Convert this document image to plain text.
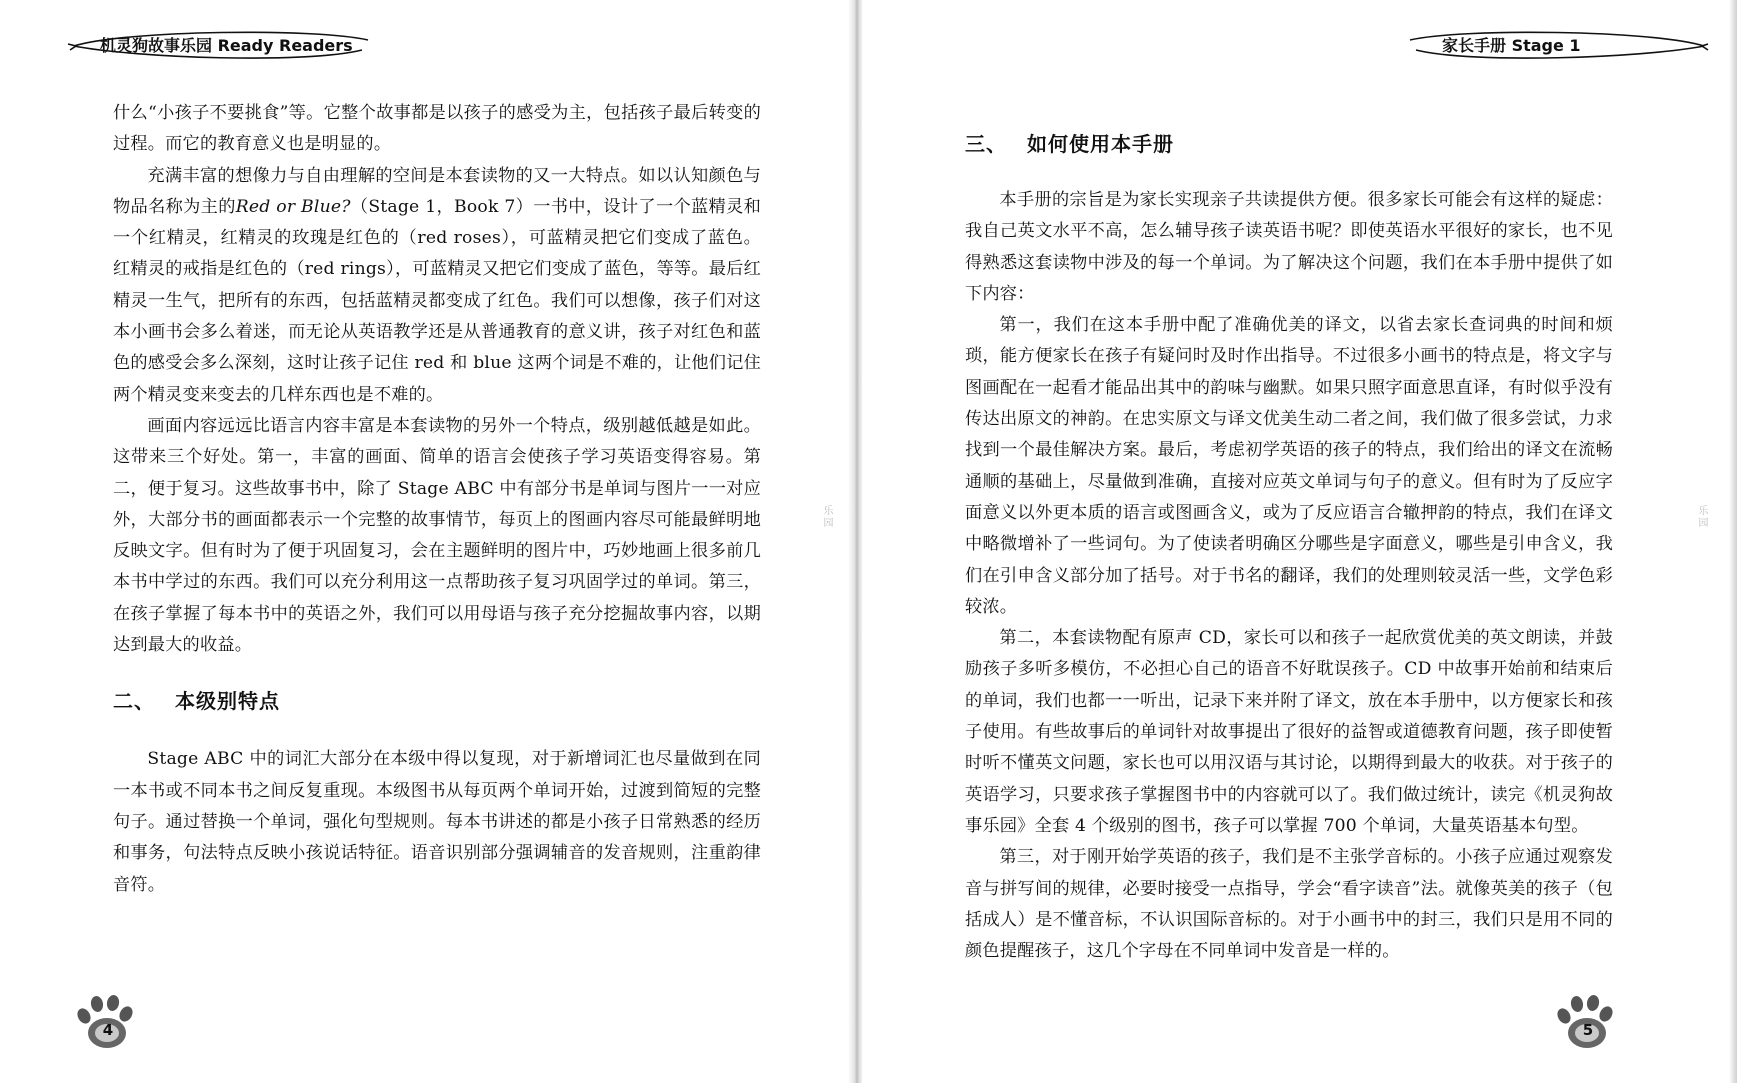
机灵狗故事乐园 Ready Readers

什么“小孩子不要挑食”等。它整个故事都是以孩子的感受为主，包括孩子最后转变的过程。而它的教育意义也是明显的。

充满丰富的想像力与自由理解的空间是本套读物的又一大特点。如以认知颜色与物品名称为主的Red or Blue?（Stage 1，Book 7）一书中，设计了一个蓝精灵和一个红精灵，红精灵的玫瑰是红色的（red roses），可蓝精灵把它们变成了蓝色。红精灵的戒指是红色的（red rings），可蓝精灵又把它们变成了蓝色，等等。最后红精灵一生气，把所有的东西，包括蓝精灵都变成了红色。我们可以想像，孩子们对这本小画书会多么着迷，而无论从英语教学还是从普通教育的意义讲，孩子对红色和蓝色的感受会多么深刻，这时让孩子记住 red 和 blue 这两个词是不难的，让他们记住两个精灵变来变去的几样东西也是不难的。

画面内容远远比语言内容丰富是本套读物的另外一个特点，级别越低越是如此。这带来三个好处。第一，丰富的画面、简单的语言会使孩子学习英语变得容易。第二，便于复习。这些故事书中，除了 Stage ABC 中有部分书是单词与图片一一对应外，大部分书的画面都表示一个完整的故事情节，每页上的图画内容尽可能最鲜明地反映文字。但有时为了便于巩固复习，会在主题鲜明的图片中，巧妙地画上很多前几本书中学过的东西。我们可以充分利用这一点帮助孩子复习巩固学过的单词。第三，在孩子掌握了每本书中的英语之外，我们可以用母语与孩子充分挖掘故事内容，以期达到最大的收益。

二、 本级别特点

Stage ABC 中的词汇大部分在本级中得以复现，对于新增词汇也尽量做到在同一本书或不同本书之间反复重现。本级图书从每页两个单词开始，过渡到简短的完整句子。通过替换一个单词，强化句型规则。每本书讲述的都是小孩子日常熟悉的经历和事务，句法特点反映小孩说话特征。语音识别部分强调辅音的发音规则，注重韵律音符。

乐园
4
家长手册 Stage 1
三、 如何使用本手册

本手册的宗旨是为家长实现亲子共读提供方便。很多家长可能会有这样的疑虑：我自己英文水平不高，怎么辅导孩子读英语书呢？即使英语水平很好的家长，也不见得熟悉这套读物中涉及的每一个单词。为了解决这个问题，我们在本手册中提供了如下内容：

第一，我们在这本手册中配了准确优美的译文，以省去家长查词典的时间和烦琐，能方便家长在孩子有疑问时及时作出指导。不过很多小画书的特点是，将文字与图画配在一起看才能品出其中的韵味与幽默。如果只照字面意思直译，有时似乎没有传达出原文的神韵。在忠实原文与译文优美生动二者之间，我们做了很多尝试，力求找到一个最佳解决方案。最后，考虑初学英语的孩子的特点，我们给出的译文在流畅通顺的基础上，尽量做到准确，直接对应英文单词与句子的意义。但有时为了反应字面意义以外更本质的语言或图画含义，或为了反应语言合辙押韵的特点，我们在译文中略微增补了一些词句。为了使读者明确区分哪些是字面意义，哪些是引申含义，我们在引申含义部分加了括号。对于书名的翻译，我们的处理则较灵活一些，文学色彩较浓。

第二，本套读物配有原声 CD，家长可以和孩子一起欣赏优美的英文朗读，并鼓励孩子多听多模仿，不必担心自己的语音不好耽误孩子。CD 中故事开始前和结束后的单词，我们也都一一听出，记录下来并附了译文，放在本手册中，以方便家长和孩子使用。有些故事后的单词针对故事提出了很好的益智或道德教育问题，孩子即使暂时听不懂英文问题，家长也可以用汉语与其讨论，以期得到最大的收获。对于孩子的英语学习，只要求孩子掌握图书中的内容就可以了。我们做过统计，读完《机灵狗故事乐园》全套 4 个级别的图书，孩子可以掌握 700 个单词，大量英语基本句型。

第三，对于刚开始学英语的孩子，我们是不主张学音标的。小孩子应通过观察发音与拼写间的规律，必要时接受一点指导，学会“看字读音”法。就像英美的孩子（包括成人）是不懂音标，不认识国际音标的。对于小画书中的封三，我们只是用不同的颜色提醒孩子，这几个字母在不同单词中发音是一样的。

乐园
5
